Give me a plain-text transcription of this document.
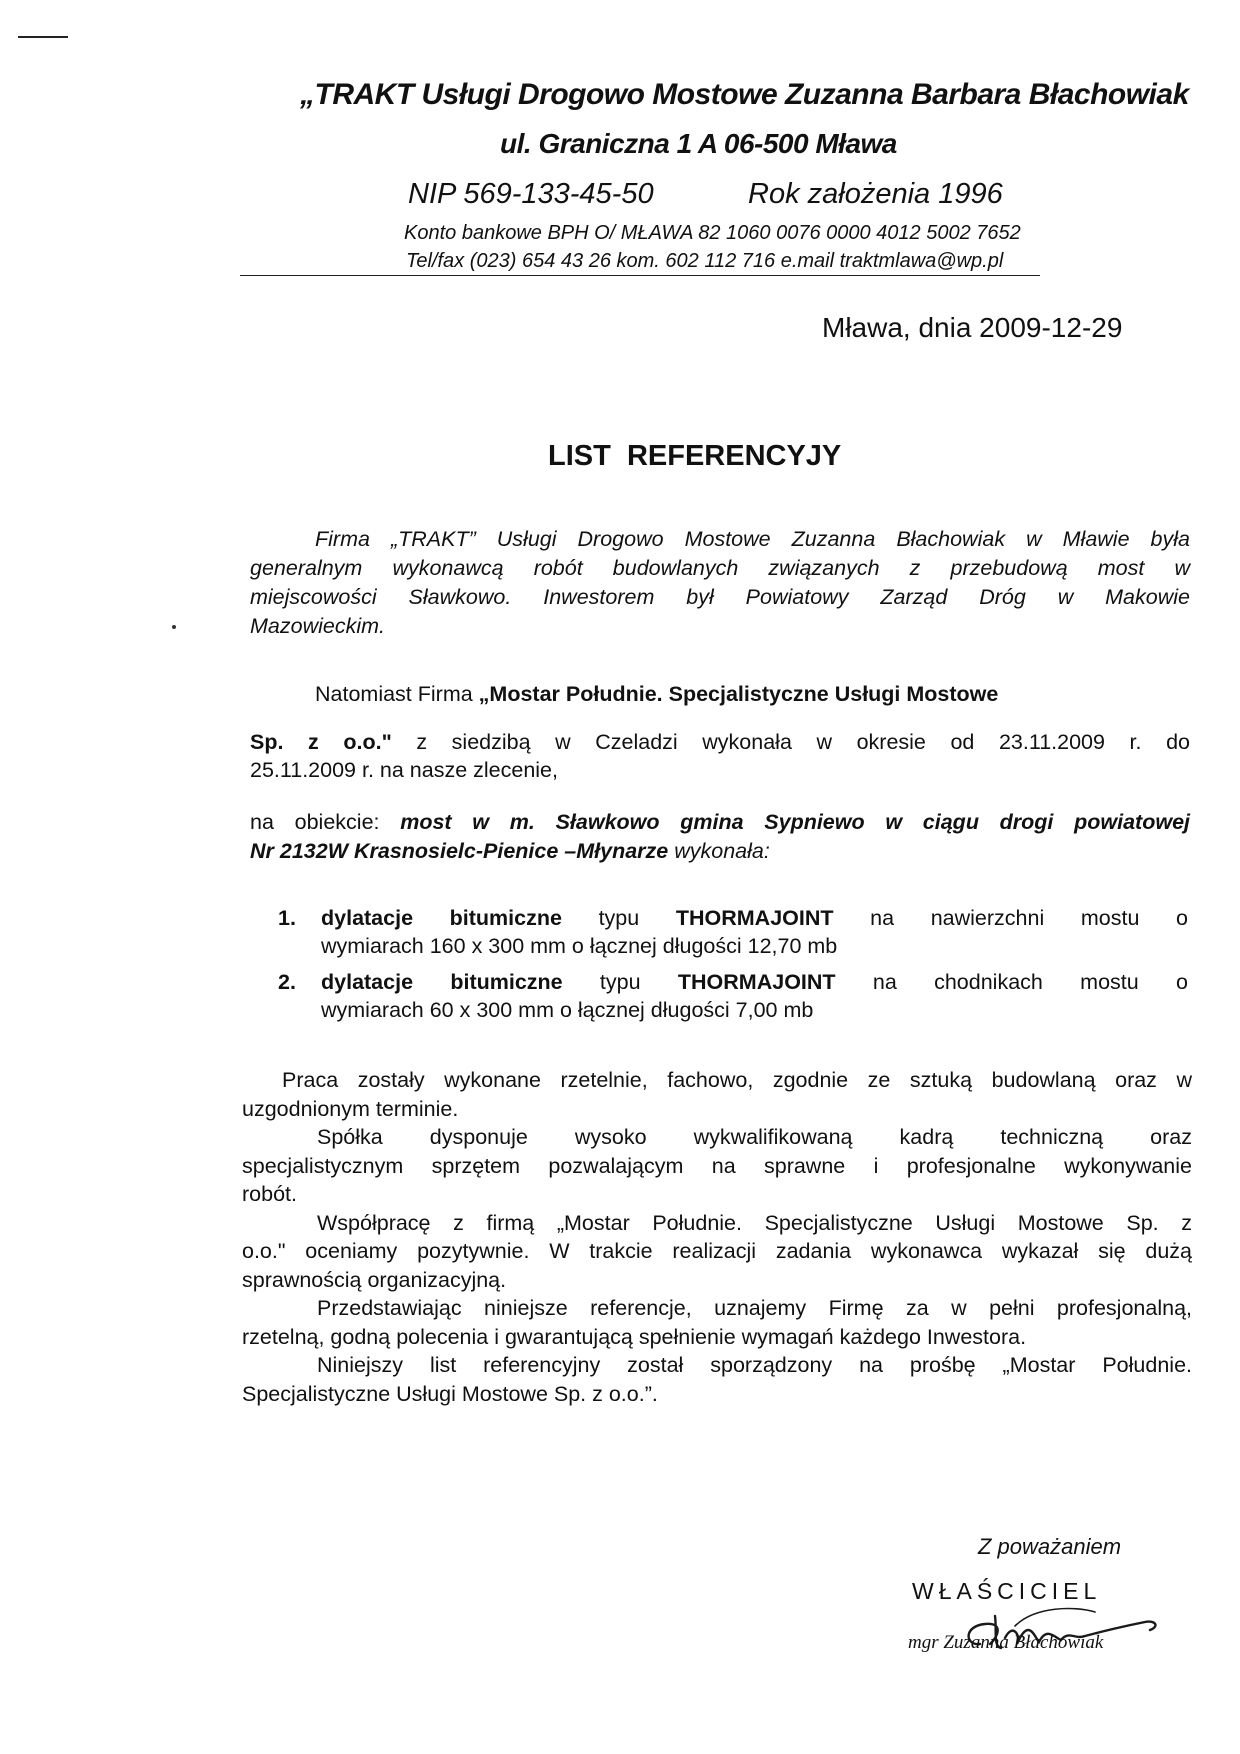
„TRAKT Usługi Drogowo Mostowe Zuzanna Barbara Błachowiak
ul. Graniczna 1 A 06-500 Mława
NIP 569-133-45-50	Rok założenia 1996
Konto bankowe BPH O/ MŁAWA 82 1060 0076 0000 4012 5002 7652
Tel/fax (023) 654 43 26 kom. 602 112 716 e.mail traktmlawa@wp.pl
Mława, dnia 2009-12-29
LIST  REFERENCYJY
Firma „TRAKT” Usługi Drogowo Mostowe Zuzanna Błachowiak w Mławie była
generalnym wykonawcą robót budowlanych związanych z przebudową most w
miejscowości Sławkowo. Inwestorem był Powiatowy Zarząd Dróg w Makowie
Mazowieckim.
Natomiast Firma „Mostar Południe. Specjalistyczne Usługi Mostowe
Sp. z o.o." z siedzibą w Czeladzi wykonała w okresie od 23.11.2009 r. do
25.11.2009 r. na nasze zlecenie,
na obiekcie: most w m. Sławkowo gmina Sypniewo w ciągu drogi powiatowej
Nr 2132W Krasnosielc-Pienice –Młynarze wykonała:
1. dylatacje bitumiczne typu THORMAJOINT na nawierzchni mostu o
wymiarach 160 x 300 mm o łącznej długości 12,70 mb
2. dylatacje bitumiczne typu THORMAJOINT na chodnikach mostu o
wymiarach 60 x 300 mm o łącznej długości 7,00 mb
Praca zostały wykonane rzetelnie, fachowo, zgodnie ze sztuką budowlaną oraz w
uzgodnionym terminie.
Spółka dysponuje wysoko wykwalifikowaną kadrą techniczną oraz
specjalistycznym sprzętem pozwalającym na sprawne i profesjonalne wykonywanie
robót.
Współpracę z firmą „Mostar Południe. Specjalistyczne Usługi Mostowe Sp. z
o.o." oceniamy pozytywnie. W trakcie realizacji zadania wykonawca wykazał się dużą
sprawnością organizacyjną.
Przedstawiając niniejsze referencje, uznajemy Firmę za w pełni profesjonalną,
rzetelną, godną polecenia i gwarantującą spełnienie wymagań każdego Inwestora.
Niniejszy list referencyjny został sporządzony na prośbę „Mostar Południe.
Specjalistyczne Usługi Mostowe Sp. z o.o.”.
Z poważaniem
WŁAŚCICIEL
mgr Zuzanna Błachowiak
